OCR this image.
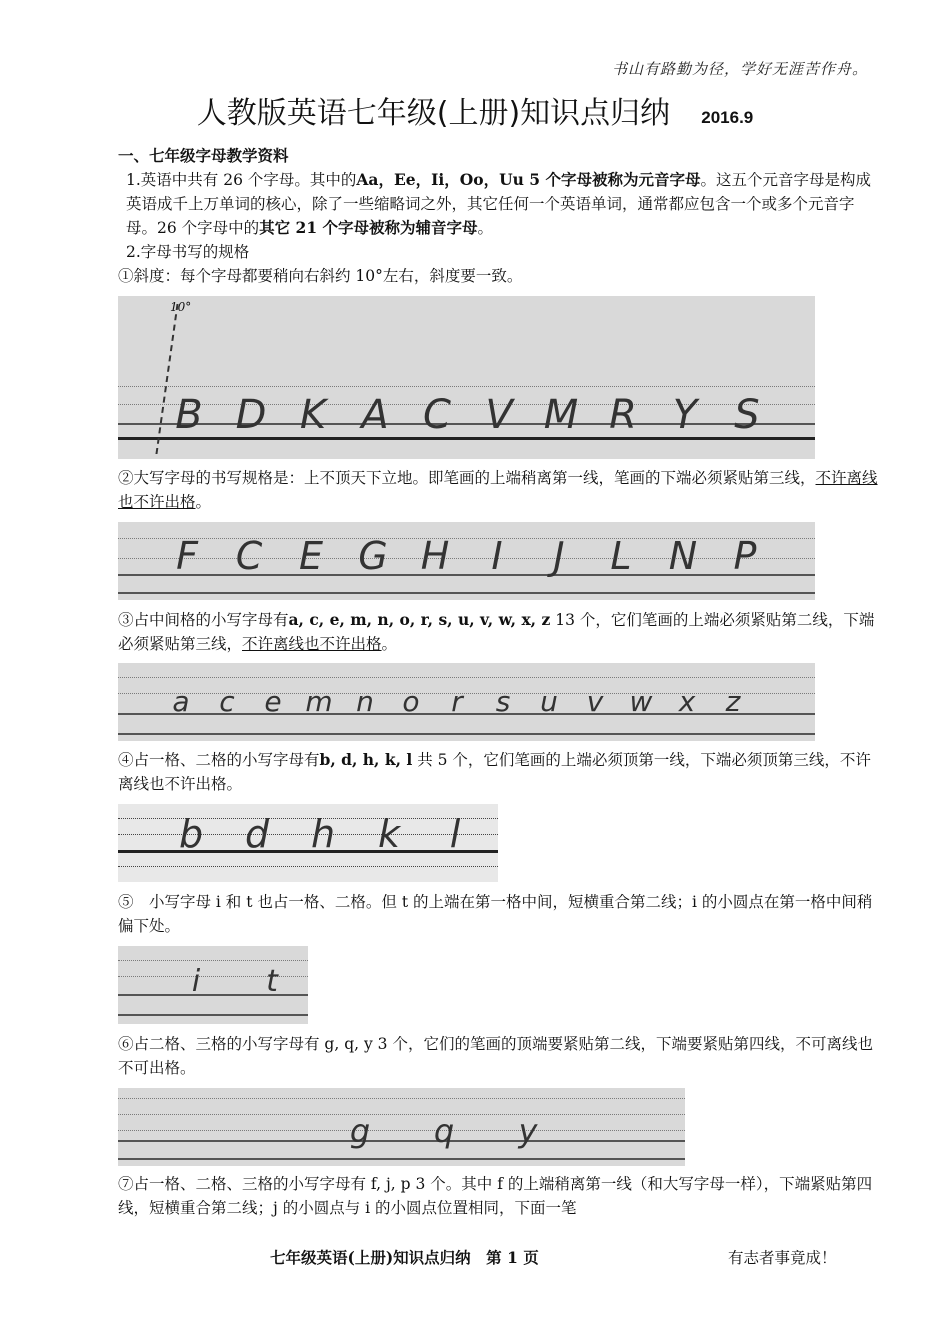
书山有路勤为径，学好无涯苦作舟。
人教版英语七年级(上册)知识点归纳 2016.9
一、七年级字母教学资料
1.英语中共有 26 个字母。其中的Aa，Ee，Ii，Oo，Uu 5 个字母被称为元音字母。这五个元音字母是构成英语成千上万单词的核心，除了一些缩略词之外，其它任何一个英语单词，通常都应包含一个或多个元音字母。26 个字母中的其它 21 个字母被称为辅音字母。
2.字母书写的规格
①斜度：每个字母都要稍向右斜约 10°左右，斜度要一致。
10°
B D K A C V M R Y S
②大写字母的书写规格是：上不顶天下立地。即笔画的上端稍离第一线，笔画的下端必须紧贴第三线，不许离线也不许出格。
F C E G H	I	J	L N P
③占中间格的小写字母有a, c, e, m, n, o, r, s, u, v, w, x, z 13 个，它们笔画的上端必须紧贴第二线，下端必须紧贴第三线，不许离线也不许出格。
a	c	e m n	o	r	s	u	v w x	z
④占一格、二格的小写字母有b, d, h, k, l 共 5 个，它们笔画的上端必须顶第一线，下端必须顶第三线，不许离线也不许出格。
b	d	h	k	l
⑤　小写字母 i 和 t 也占一格、二格。但 t 的上端在第一格中间，短横重合第二线；i 的小圆点在第一格中间稍偏下处。
i	t
⑥占二格、三格的小写字母有 g, q, y 3 个，它们的笔画的顶端要紧贴第二线，下端要紧贴第四线，不可离线也不可出格。
g	q	y
⑦占一格、二格、三格的小写字母有 f, j, p 3 个。其中 f 的上端稍离第一线（和大写字母一样），下端紧贴第四线，短横重合第二线；j 的小圆点与 i 的小圆点位置相同，下面一笔
七年级英语(上册)知识点归纳　第 1 页	有志者事竟成！
